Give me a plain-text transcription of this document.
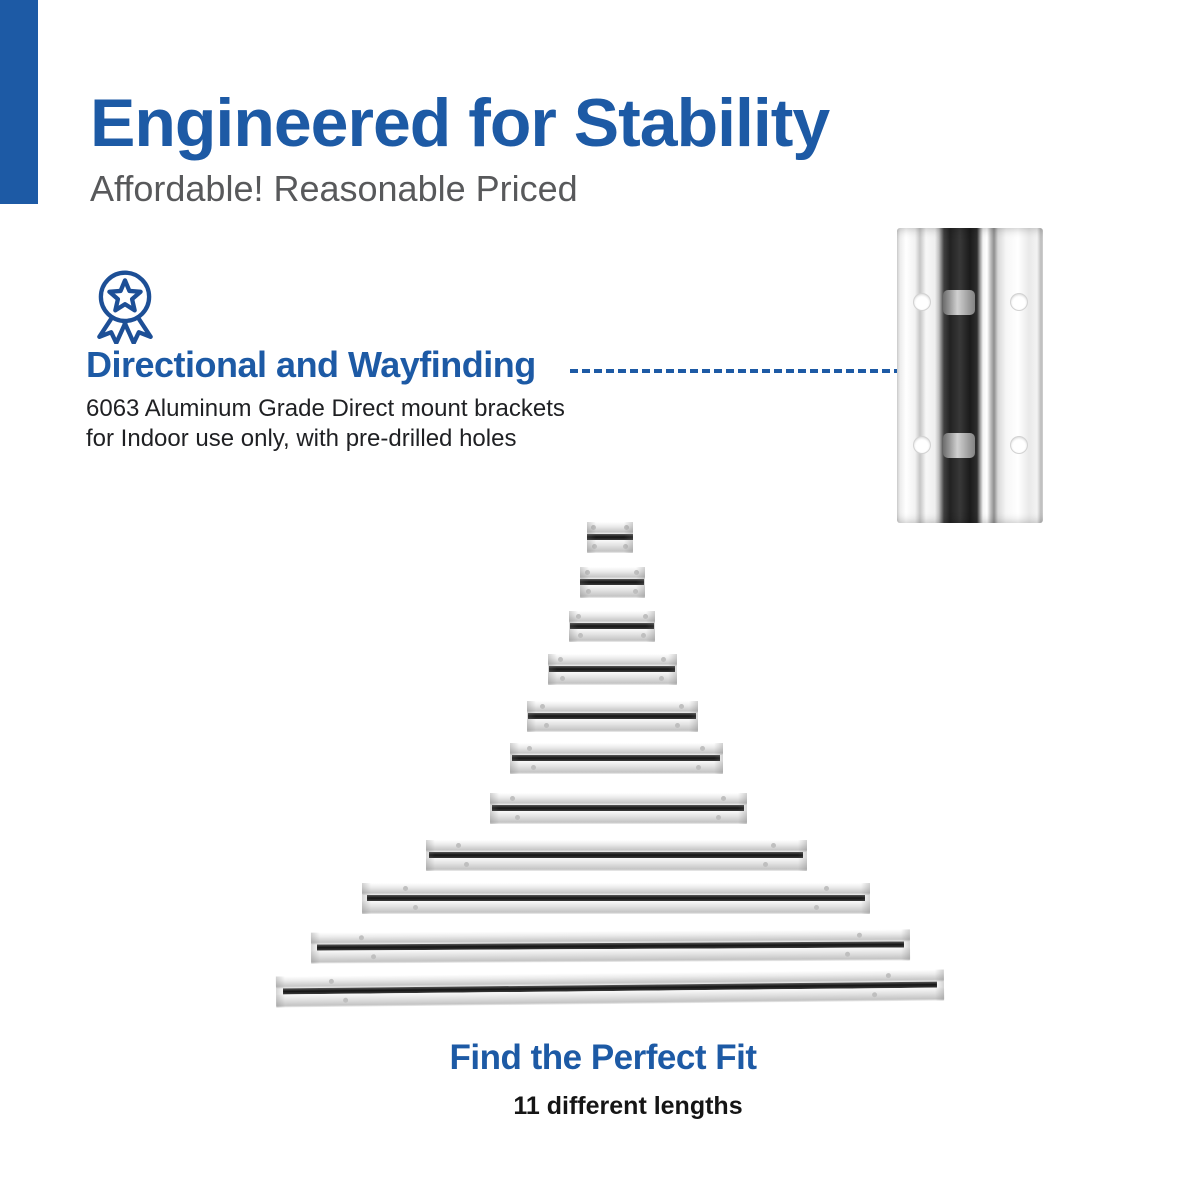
Engineered for Stability

Affordable! Reasonable Priced

Directional and Wayfinding
6063 Aluminum Grade Direct mount brackets
for Indoor use only, with pre-drilled holes
Find the Perfect Fit
11 different lengths
